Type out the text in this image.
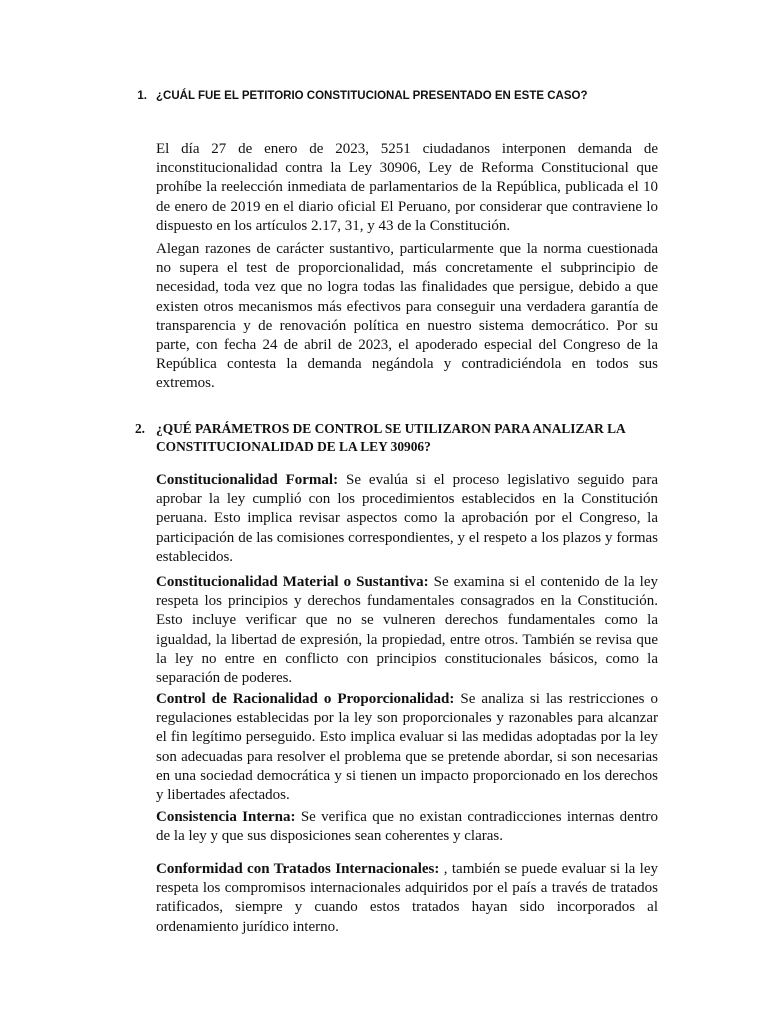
1. ¿CUÁL FUE EL PETITORIO CONSTITUCIONAL PRESENTADO EN ESTE CASO?

El día 27 de enero de 2023, 5251 ciudadanos interponen demanda de inconstitucionalidad contra la Ley 30906, Ley de Reforma Constitucional que prohíbe la reelección inmediata de parlamentarios de la República, publicada el 10 de enero de 2019 en el diario oficial El Peruano, por considerar que contraviene lo dispuesto en los artículos 2.17, 31, y 43 de la Constitución.

Alegan razones de carácter sustantivo, particularmente que la norma cuestionada no supera el test de proporcionalidad, más concretamente el subprincipio de necesidad, toda vez que no logra todas las finalidades que persigue, debido a que existen otros mecanismos más efectivos para conseguir una verdadera garantía de transparencia y de renovación política en nuestro sistema democrático. Por su parte, con fecha 24 de abril de 2023, el apoderado especial del Congreso de la República contesta la demanda negándola y contradiciéndola en todos sus extremos.

2. ¿QUÉ PARÁMETROS DE CONTROL SE UTILIZARON PARA ANALIZAR LA CONSTITUCIONALIDAD DE LA LEY 30906?

Constitucionalidad Formal: Se evalúa si el proceso legislativo seguido para aprobar la ley cumplió con los procedimientos establecidos en la Constitución peruana. Esto implica revisar aspectos como la aprobación por el Congreso, la participación de las comisiones correspondientes, y el respeto a los plazos y formas establecidos.

Constitucionalidad Material o Sustantiva: Se examina si el contenido de la ley respeta los principios y derechos fundamentales consagrados en la Constitución. Esto incluye verificar que no se vulneren derechos fundamentales como la igualdad, la libertad de expresión, la propiedad, entre otros. También se revisa que la ley no entre en conflicto con principios constitucionales básicos, como la separación de poderes.

Control de Racionalidad o Proporcionalidad: Se analiza si las restricciones o regulaciones establecidas por la ley son proporcionales y razonables para alcanzar el fin legítimo perseguido. Esto implica evaluar si las medidas adoptadas por la ley son adecuadas para resolver el problema que se pretende abordar, si son necesarias en una sociedad democrática y si tienen un impacto proporcionado en los derechos y libertades afectados.

Consistencia Interna: Se verifica que no existan contradicciones internas dentro de la ley y que sus disposiciones sean coherentes y claras.

Conformidad con Tratados Internacionales: , también se puede evaluar si la ley respeta los compromisos internacionales adquiridos por el país a través de tratados ratificados, siempre y cuando estos tratados hayan sido incorporados al ordenamiento jurídico interno.
